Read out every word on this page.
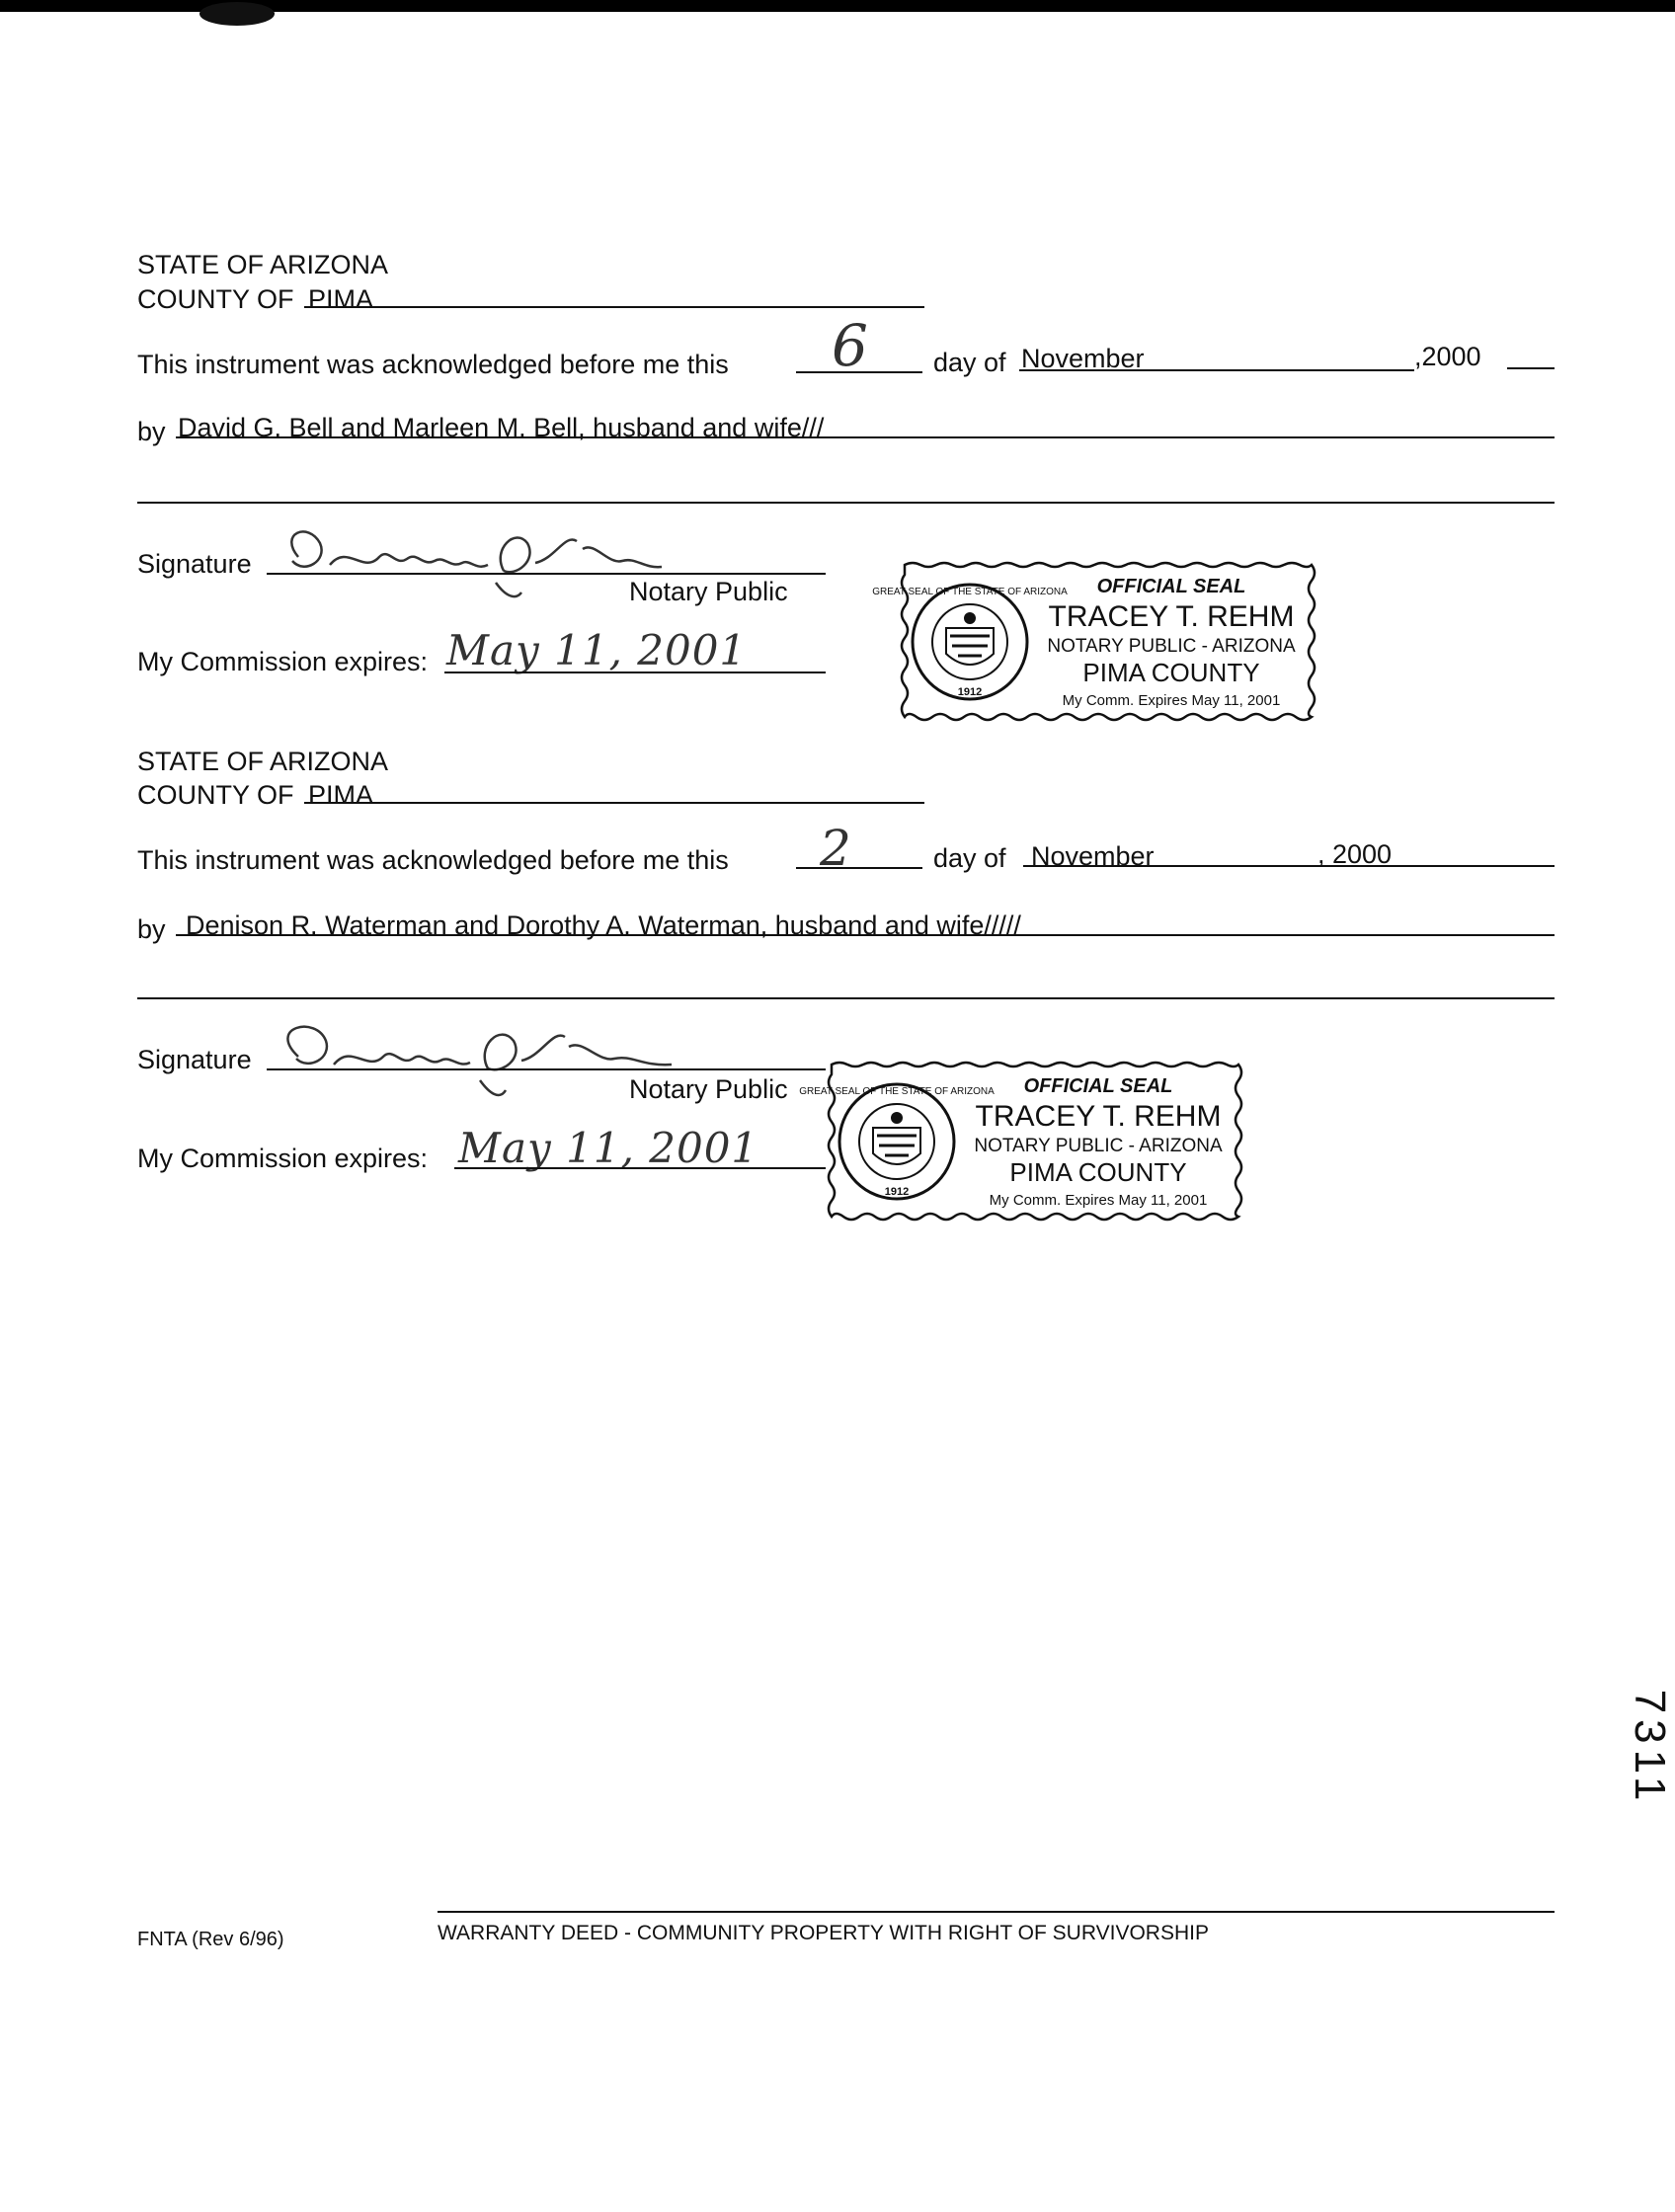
STATE OF ARIZONA
COUNTY OF PIMA
This instrument was acknowledged before me this 6 day of November	,2000
by David G. Bell and Marleen M. Bell, husband and wife///
Signature
Notary Public
My Commission expires: May 11, 2001
GREAT SEAL OF THE STATE OF ARIZONA
1912
OFFICIAL SEAL
TRACEY T. REHM
NOTARY PUBLIC - ARIZONA
PIMA COUNTY
My Comm. Expires May 11, 2001
STATE OF ARIZONA
COUNTY OF PIMA
This instrument was acknowledged before me this 2	day of November	, 2000
by Denison R. Waterman and Dorothy A. Waterman, husband and wife/////
Signature
Notary Public
My Commission expires: May 11, 2001
GREAT SEAL OF THE STATE OF ARIZONA
1912
OFFICIAL SEAL
TRACEY T. REHM
NOTARY PUBLIC - ARIZONA
PIMA COUNTY
My Comm. Expires May 11, 2001
FNTA (Rev 6/96)	WARRANTY DEED - COMMUNITY PROPERTY WITH RIGHT OF SURVIVORSHIP
7311
